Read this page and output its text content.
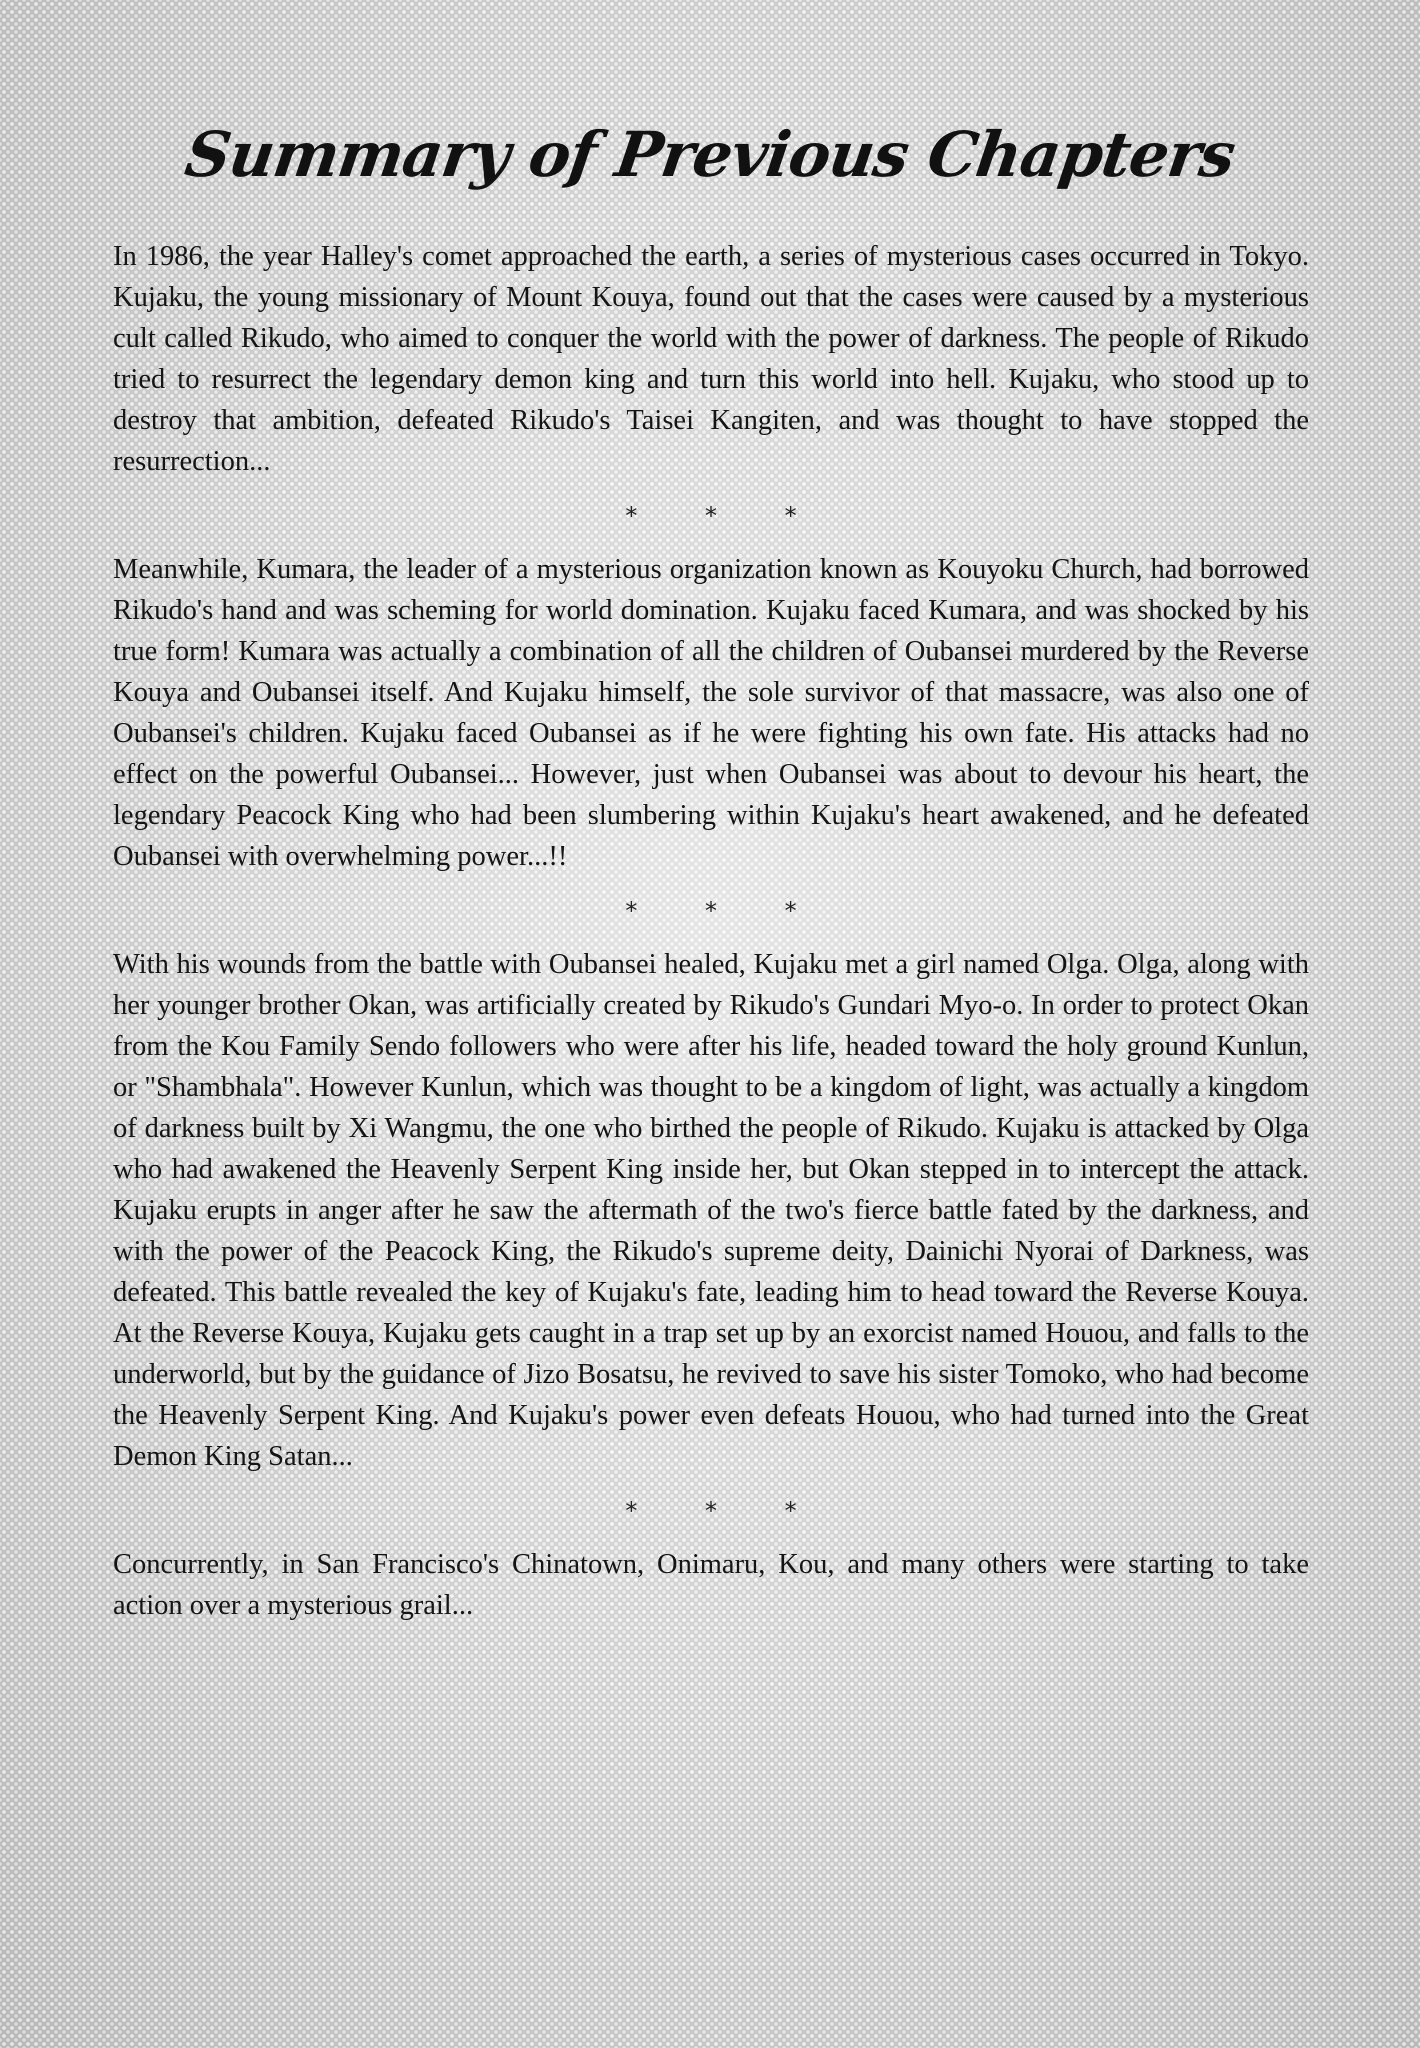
Summary of Previous Chapters

In 1986, the year Halley's comet approached the earth, a series of mysterious cases occurred in Tokyo. Kujaku, the young missionary of Mount Kouya, found out that the cases were caused by a mysterious cult called Rikudo, who aimed to conquer the world with the power of darkness. The people of Rikudo tried to resurrect the legendary demon king and turn this world into hell. Kujaku, who stood up to destroy that ambition, defeated Rikudo's Taisei Kangiten, and was thought to have stopped the resurrection...

* * *

Meanwhile, Kumara, the leader of a mysterious organization known as Kouyoku Church, had borrowed Rikudo's hand and was scheming for world domination. Kujaku faced Kumara, and was shocked by his true form! Kumara was actually a combination of all the children of Oubansei murdered by the Reverse Kouya and Oubansei itself. And Kujaku himself, the sole survivor of that massacre, was also one of Oubansei's children. Kujaku faced Oubansei as if he were fighting his own fate. His attacks had no effect on the powerful Oubansei... However, just when Oubansei was about to devour his heart, the legendary Peacock King who had been slumbering within Kujaku's heart awakened, and he defeated Oubansei with overwhelming power...!!

* * *

With his wounds from the battle with Oubansei healed, Kujaku met a girl named Olga. Olga, along with her younger brother Okan, was artificially created by Rikudo's Gundari Myo-o. In order to protect Okan from the Kou Family Sendo followers who were after his life, headed toward the holy ground Kunlun, or "Shambhala". However Kunlun, which was thought to be a kingdom of light, was actually a kingdom of darkness built by Xi Wangmu, the one who birthed the people of Rikudo. Kujaku is attacked by Olga who had awakened the Heavenly Serpent King inside her, but Okan stepped in to intercept the attack. Kujaku erupts in anger after he saw the aftermath of the two's fierce battle fated by the darkness, and with the power of the Peacock King, the Rikudo's supreme deity, Dainichi Nyorai of Darkness, was defeated. This battle revealed the key of Kujaku's fate, leading him to head toward the Reverse Kouya. At the Reverse Kouya, Kujaku gets caught in a trap set up by an exorcist named Houou, and falls to the underworld, but by the guidance of Jizo Bosatsu, he revived to save his sister Tomoko, who had become the Heavenly Serpent King. And Kujaku's power even defeats Houou, who had turned into the Great Demon King Satan...

* * *

Concurrently, in San Francisco's Chinatown, Onimaru, Kou, and many others were starting to take action over a mysterious grail...
